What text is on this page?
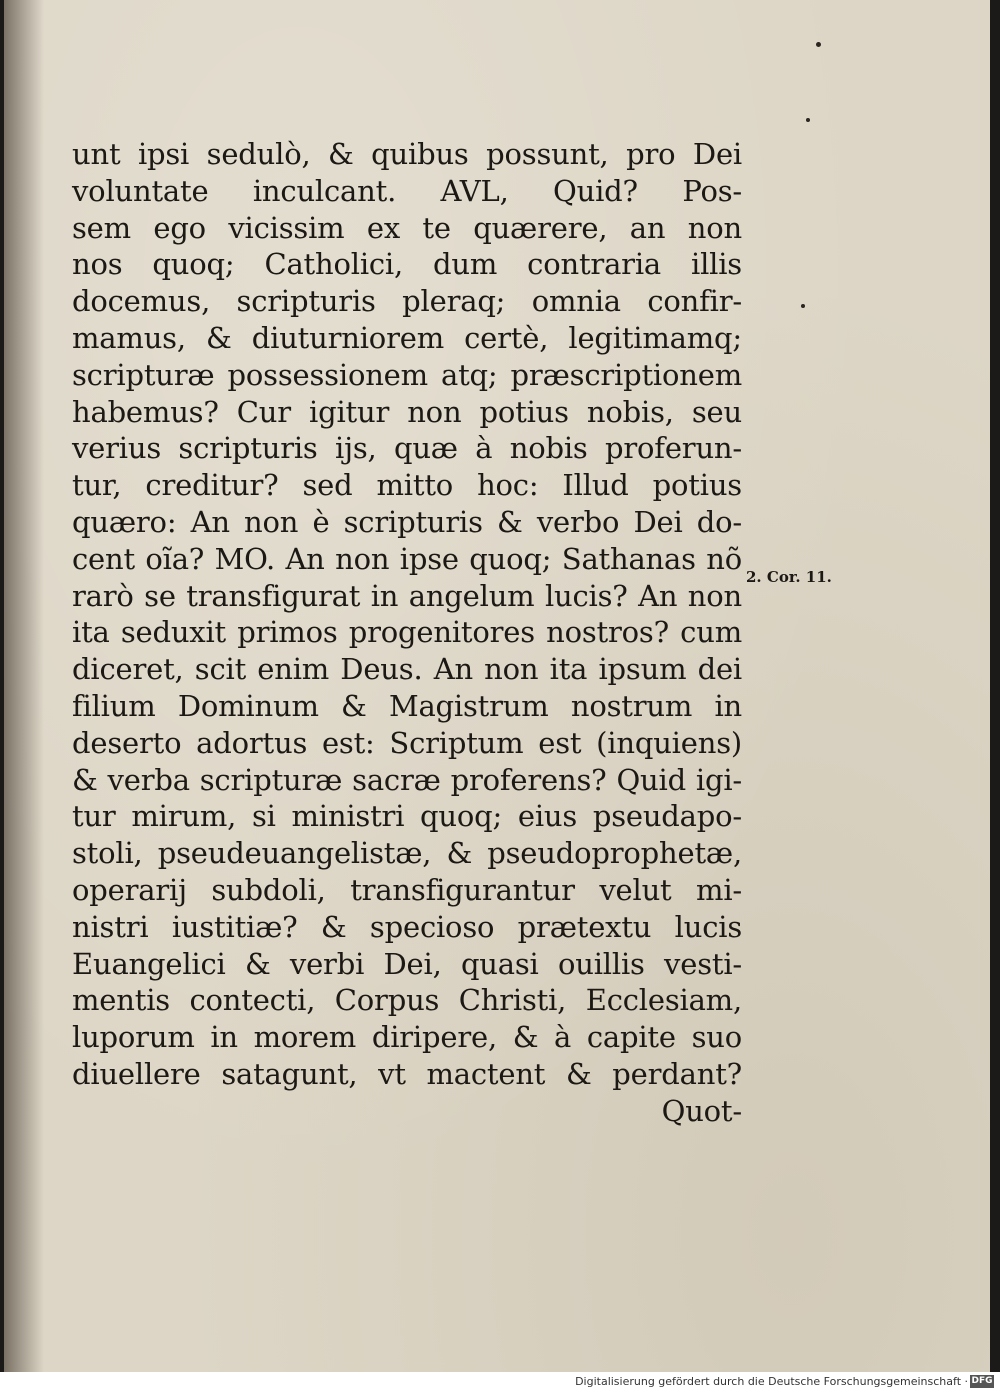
unt ipsi sedulò, & quibus possunt, pro Dei
voluntate inculcant. AVL, Quid? Pos-
sem ego vicissim ex te quærere, an non
nos quoq; Catholici, dum contraria illis
docemus, scripturis pleraq; omnia confir-
mamus, & diuturniorem certè, legitimamq;
scripturæ possessionem atq; præscriptionem
habemus? Cur igitur non potius nobis, seu
verius scripturis ijs, quæ à nobis proferun-
tur, creditur? sed mitto hoc: Illud potius
quæro: An non è scripturis & verbo Dei do-
cent oĩa? MO. An non ipse quoq; Sathanas nõ
rarò se transfigurat in angelum lucis? An non
ita seduxit primos progenitores nostros? cum
diceret, scit enim Deus. An non ita ipsum dei
filium Dominum & Magistrum nostrum in
deserto adortus est: Scriptum est (inquiens)
& verba scripturæ sacræ proferens? Quid igi-
tur mirum, si ministri quoq; eius pseudapo-
stoli, pseudeuangelistæ, & pseudoprophetæ,
operarij subdoli, transfigurantur velut mi-
nistri iustitiæ? & specioso prætextu lucis
Euangelici & verbi Dei, quasi ouillis vesti-
mentis contecti, Corpus Christi, Ecclesiam,
luporum in morem diripere, & à capite suo
diuellere satagunt, vt mactent & perdant?
Quot-
2. Cor. 11.
Digitalisierung gefördert durch die Deutsche Forschungsgemeinschaft · DFG
